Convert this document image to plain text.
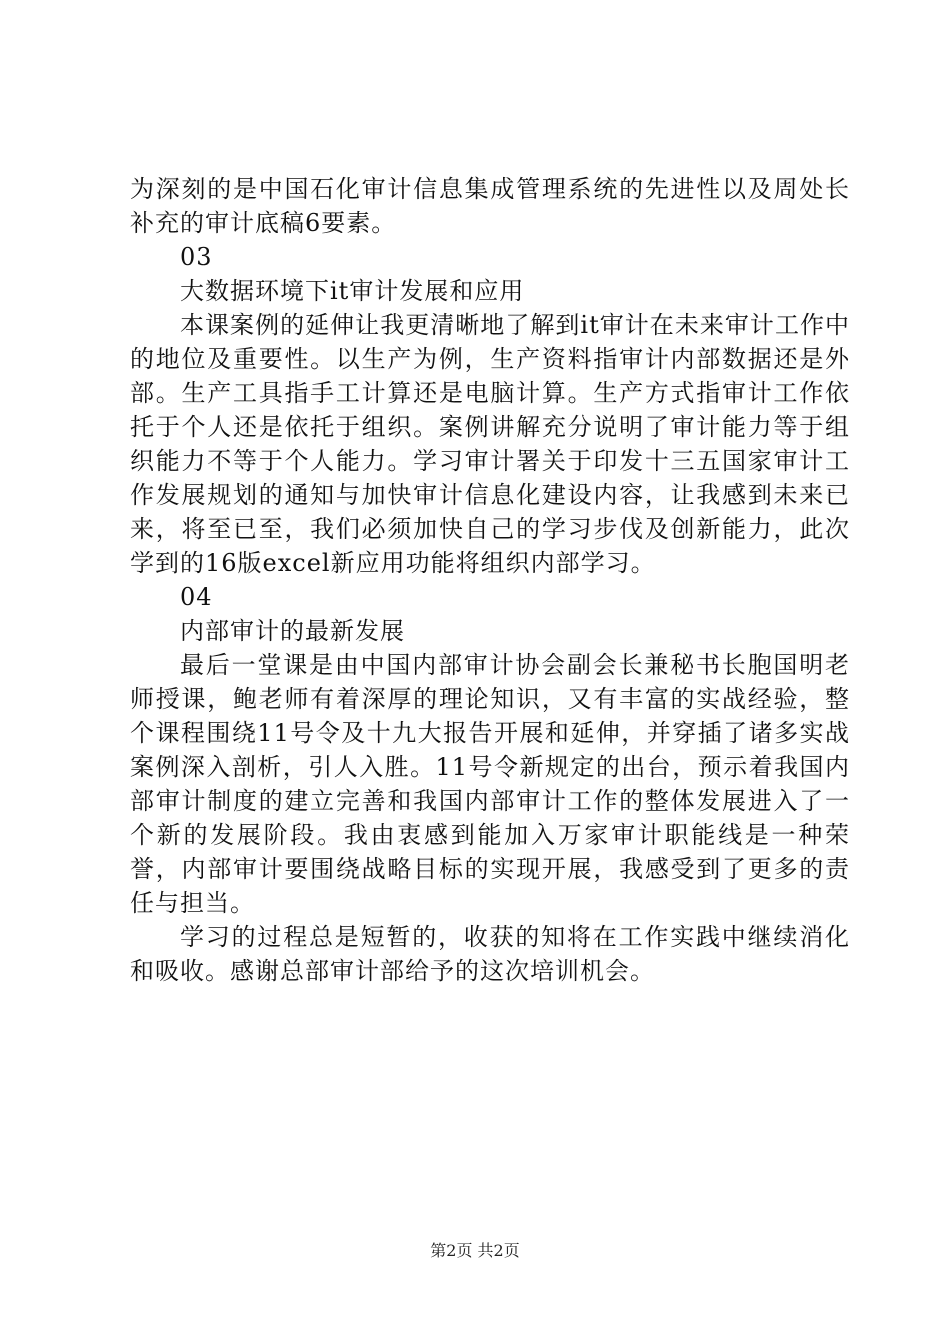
为深刻的是中国石化审计信息集成管理系统的先进性以及周处长补充的审计底稿6要素。

03

大数据环境下it审计发展和应用

本课案例的延伸让我更清晰地了解到it审计在未来审计工作中的地位及重要性。以生产为例，生产资料指审计内部数据还是外部。生产工具指手工计算还是电脑计算。生产方式指审计工作依托于个人还是依托于组织。案例讲解充分说明了审计能力等于组织能力不等于个人能力。学习审计署关于印发十三五国家审计工作发展规划的通知与加快审计信息化建设内容，让我感到未来已来，将至已至，我们必须加快自己的学习步伐及创新能力，此次学到的16版excel新应用功能将组织内部学习。

04

内部审计的最新发展

最后一堂课是由中国内部审计协会副会长兼秘书长胞国明老师授课，鲍老师有着深厚的理论知识，又有丰富的实战经验，整个课程围绕11号令及十九大报告开展和延伸，并穿插了诸多实战案例深入剖析，引人入胜。11号令新规定的出台，预示着我国内部审计制度的建立完善和我国内部审计工作的整体发展进入了一个新的发展阶段。我由衷感到能加入万家审计职能线是一种荣誉，内部审计要围绕战略目标的实现开展，我感受到了更多的责任与担当。

学习的过程总是短暂的，收获的知将在工作实践中继续消化和吸收。感谢总部审计部给予的这次培训机会。

第2页 共2页
